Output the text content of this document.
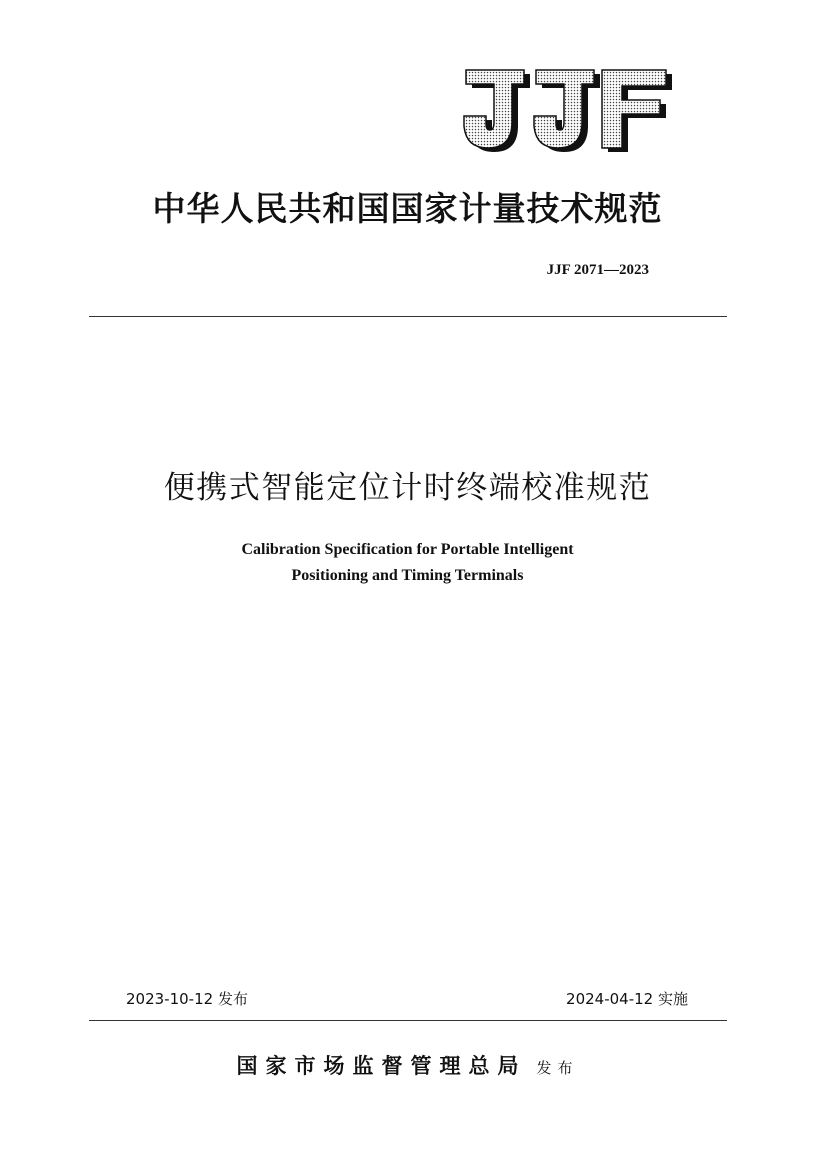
中华人民共和国国家计量技术规范
JJF 2071—2023
便携式智能定位计时终端校准规范
Calibration Specification for Portable Intelligent
Positioning and Timing Terminals
2023-10-12 发布	2024-04-12 实施
国家市场监督管理总局 发布
